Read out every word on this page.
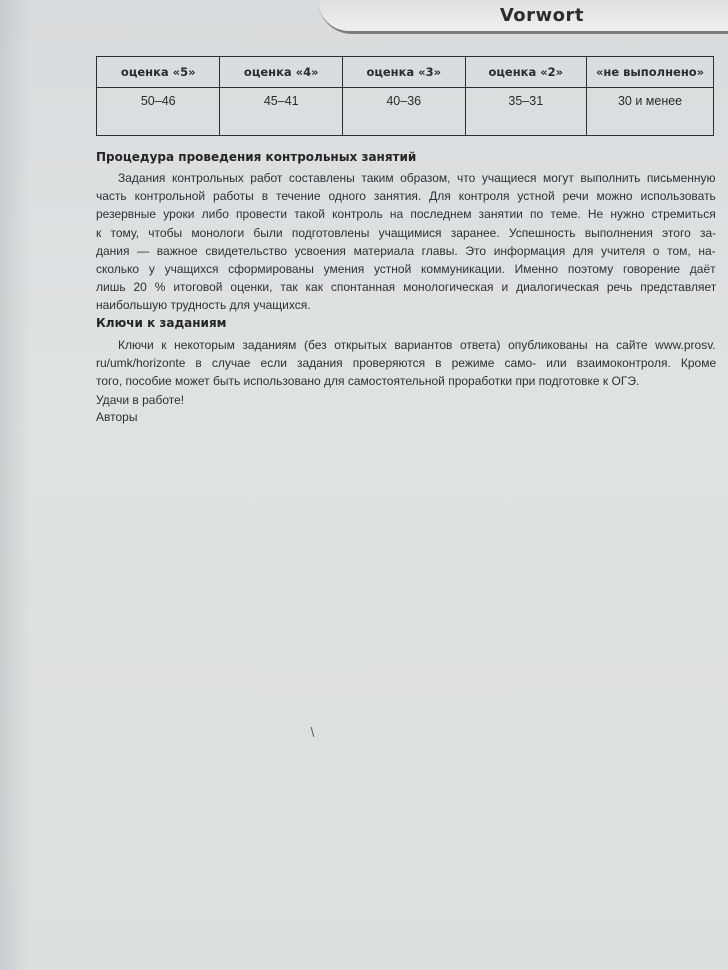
Vorwort
оценка «5»	оценка «4»	оценка «3»	оценка «2»	«не выполнено»
50–46	45–41	40–36	35–31	30 и менее
Процедура проведения контрольных занятий
Задания контрольных работ составлены таким образом, что учащиеся могут выполнить письменную
часть контрольной работы в течение одного занятия. Для контроля устной речи можно использовать
резервные уроки либо провести такой контроль на последнем занятии по теме. Не нужно стремиться
к тому, чтобы монологи были подготовлены учащимися заранее. Успешность выполнения этого за-
дания — важное свидетельство усвоения материала главы. Это информация для учителя о том, на-
сколько у учащихся сформированы умения устной коммуникации. Именно поэтому говорение даёт
лишь 20 % итоговой оценки, так как спонтанная монологическая и диалогическая речь представляет
наибольшую трудность для учащихся.
Ключи к заданиям
Ключи к некоторым заданиям (без открытых вариантов ответа) опубликованы на сайте www.prosv.
ru/umk/horizonte в случае если задания проверяются в режиме само- или взаимоконтроля. Кроме
того, пособие может быть использовано для самостоятельной проработки при подготовке к ОГЭ.
Удачи в работе!
Авторы
